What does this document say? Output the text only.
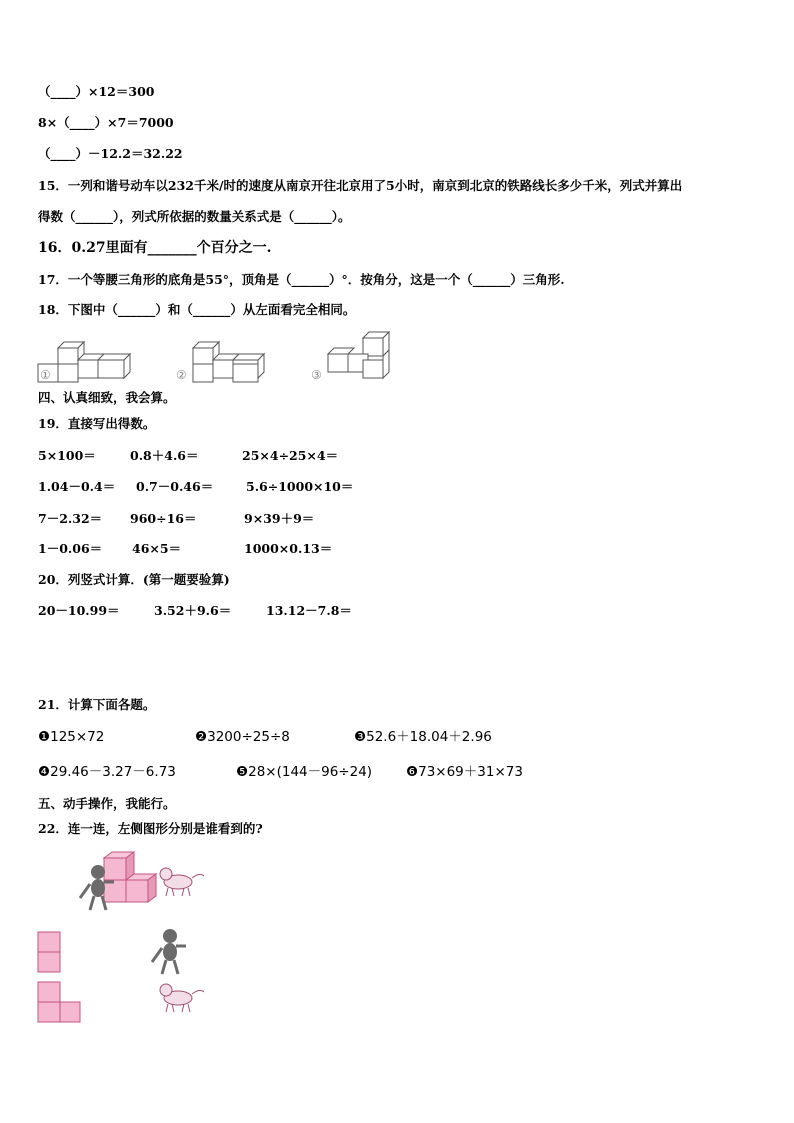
（____）×12＝300
8×（____）×7＝7000
（____）－12.2＝32.22
15．一列和谐号动车以232千米/时的速度从南京开往北京用了5小时，南京到北京的铁路线长多少千米，列式并算出
得数（______），列式所依据的数量关系式是（______）。
16．0.27里面有_______个百分之一.
17．一个等腰三角形的底角是55°，顶角是（______）°．按角分，这是一个（______）三角形.
18．下图中（______）和（______）从左面看完全相同。
①	②	③
四、认真细致，我会算。
19．直接写出得数。
5×100＝	0.8＋4.6＝	25×4÷25×4＝
1.04－0.4＝ 0.7－0.46＝	5.6÷1000×10＝
7－2.32＝ 960÷16＝	9×39＋9＝
1－0.06＝ 46×5＝	1000×0.13＝
20．列竖式计算．(第一题要验算)
20－10.99＝	3.52＋9.6＝	13.12－7.8＝
21．计算下面各题。
❶125×72	❷3200÷25÷8	❸52.6＋18.04＋2.96
❹29.46－3.27－6.73	❺28×(144－96÷24)	❻73×69＋31×73
五、动手操作，我能行。
22．连一连，左侧图形分别是谁看到的?
